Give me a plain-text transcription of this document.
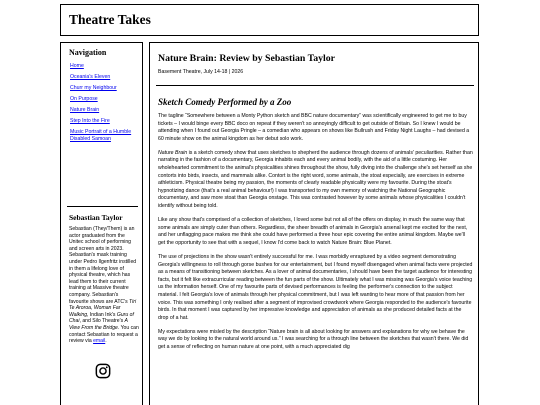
Theatre Takes
Navigation
Home
Oceania's Eleven
Churr my Neighbour
On Purpose
Nature Brain
Step Into the Fire
Music Portrait of a Humble Disabled Samoan
Sebastian Taylor
Sebastian (They/Them) is an actor graduated from the Unitec school of performing and screen arts in 2023. Sebastian's mask training under Pedro Ilgenfritz instilled in them a lifelong love of physical theatre, which has lead them to their current training at Massive theatre company. Sebastian's favourite shows are ATC's Tiri Te Aroroa, Woman Far Walking, Indian Ink's Guru of Chai, and Silo Theatre's A View From the Bridge. You can contact Sebastian to request a review via email.
Nature Brain: Review by Sebastian Taylor
Basement Theatre, July 14-18 | 2026
Sketch Comedy Performed by a Zoo

The tagline “Somewhere between a Monty Python sketch and BBC nature documentary” was scientifically engineered to get me to buy tickets – I would binge every BBC doco on repeat if they weren't so annoyingly difficult to get outside of Britain. So I knew I would be attending when I found out Georgia Pringle – a comedian who appears on shows like Bullrush and Friday Night Laughs – had devised a 60 minute show on the animal kingdom as her debut solo work.

Nature Brain is a sketch comedy show that uses sketches to shepherd the audience through dozens of animals' peculiarities. Rather than narrating in the fashion of a documentary, Georgia inhabits each and every animal bodily, with the aid of a little costuming. Her wholehearted commitment to the animal's physicalities shines throughout the show, fully diving into the challenge she's set herself as she contorts into birds, insects, and mammals alike. Contort is the right word, some animals, the stoat especially, are exercises in extreme athleticism. Physical theatre being my passion, the moments of clearly readable physicality were my favourite. During the stoat's hypnotizing dance (that's a real animal behaviour!) I was transported to my own memory of watching the National Geographic documentary, and saw more stoat than Georgia onstage. This was contrasted however by some animals whose physicalities I couldn't identify without being told.

Like any show that's comprised of a collection of sketches, I loved some but not all of the offers on display, in much the same way that some animals are simply cuter than others. Regardless, the sheer breadth of animals in Georgia's arsenal kept me excited for the next, and her unflagging pace makes me think she could have performed a three hour epic covering the entire animal kingdom. Maybe we'll get the opportunity to see that with a sequel, I know I'd come back to watch Nature Brain: Blue Planet.

The use of projections in the show wasn't entirely successful for me. I was morbidly enraptured by a video segment demonstrating Georgia's willingness to roll through gorse bushes for our entertainment, but I found myself disengaged when animal facts were projected as a means of transitioning between sketches. As a lover of animal documentaries, I should have been the target audience for interesting facts, but it felt like extracurricular reading between the fun parts of the show. Ultimately what I was missing was Georgia's voice teaching us the information herself. One of my favourite parts of devised performances is feeling the performer's connection to the subject material. I felt Georgia's love of animals through her physical commitment, but I was left wanting to hear more of that passion from her voice. This was something I only realised after a segment of improvised crowdwork where Georgia responded to the audience's favourite birds. In that moment I was captured by her impressive knowledge and appreciation of animals as she produced detailed facts at the drop of a hat.

My expectations were misled by the description “Nature brain is all about looking for answers and explanations for why we behave the way we do by looking to the natural world around us.” I was searching for a through line between the sketches that wasn't there. We did get a sense of reflecting on human nature at one point, with a much appreciated dig
